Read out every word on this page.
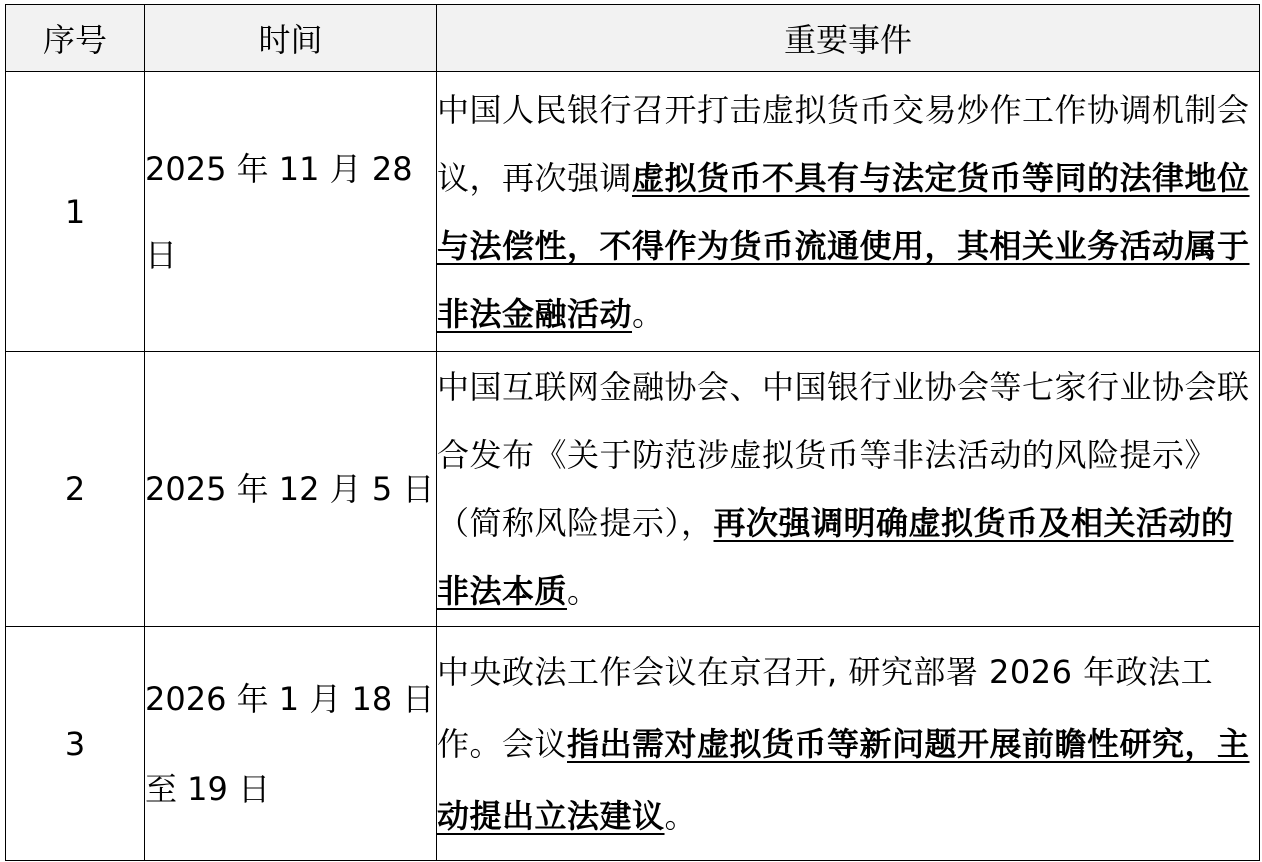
序号	时间	重要事件
1	2025 年 11 月 28 日	中国人民银行召开打击虚拟货币交易炒作工作协调机制会议，再次强调虚拟货币不具有与法定货币等同的法律地位与法偿性，不得作为货币流通使用，其相关业务活动属于非法金融活动。
2	2025 年 12 月 5 日	中国互联网金融协会、中国银行业协会等七家行业协会联合发布《关于防范涉虚拟货币等非法活动的风险提示》（简称风险提示），再次强调明确虚拟货币及相关活动的非法本质。
3	2026 年 1 月 18 日至 19 日	中央政法工作会议在京召开, 研究部署 2026 年政法工作。会议指出需对虚拟货币等新问题开展前瞻性研究，主动提出立法建议。
